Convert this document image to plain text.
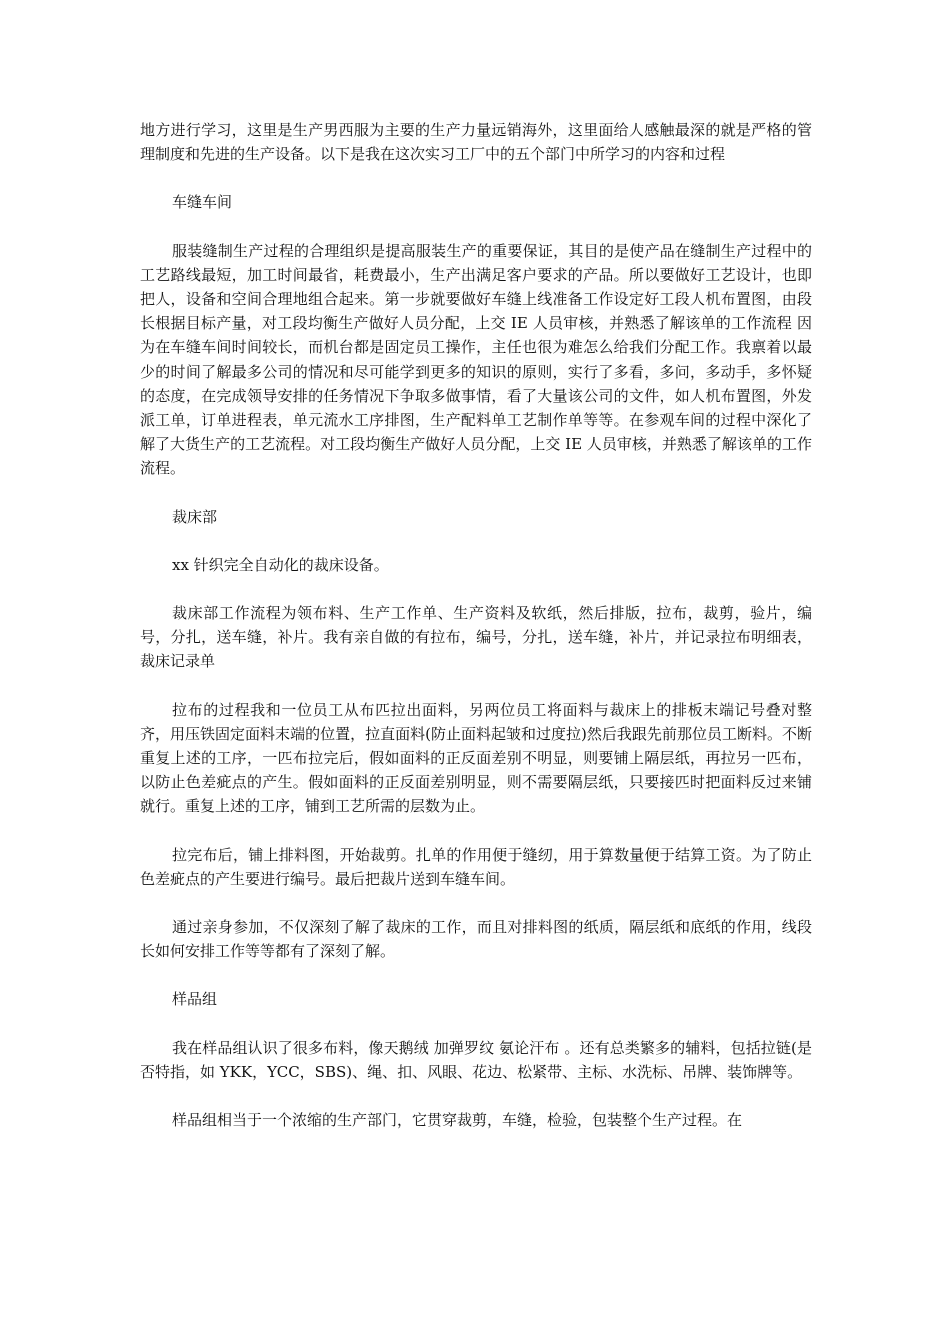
地方进行学习，这里是生产男西服为主要的生产力量远销海外，这里面给人感触最深的就是严格的管理制度和先进的生产设备。以下是我在这次实习工厂中的五个部门中所学习的内容和过程

车缝车间

服装缝制生产过程的合理组织是提高服装生产的重要保证，其目的是使产品在缝制生产过程中的工艺路线最短，加工时间最省，耗费最小，生产出满足客户要求的产品。所以要做好工艺设计，也即把人，设备和空间合理地组合起来。第一步就要做好车缝上线准备工作设定好工段人机布置图，由段长根据目标产量，对工段均衡生产做好人员分配，上交 IE 人员审核，并熟悉了解该单的工作流程 因为在车缝车间时间较长，而机台都是固定员工操作，主任也很为难怎么给我们分配工作。我禀着以最少的时间了解最多公司的情况和尽可能学到更多的知识的原则，实行了多看，多问，多动手，多怀疑的态度，在完成领导安排的任务情况下争取多做事情，看了大量该公司的文件，如人机布置图，外发派工单，订单进程表，单元流水工序排图，生产配料单工艺制作单等等。在参观车间的过程中深化了解了大货生产的工艺流程。对工段均衡生产做好人员分配，上交 IE 人员审核，并熟悉了解该单的工作流程。

裁床部

xx 针织完全自动化的裁床设备。

裁床部工作流程为领布料、生产工作单、生产资料及软纸，然后排版，拉布，裁剪，验片，编号，分扎，送车缝，补片。我有亲自做的有拉布，编号，分扎，送车缝，补片，并记录拉布明细表，裁床记录单

拉布的过程我和一位员工从布匹拉出面料，另两位员工将面料与裁床上的排板末端记号叠对整齐，用压铁固定面料末端的位置，拉直面料(防止面料起皱和过度拉)然后我跟先前那位员工断料。不断重复上述的工序，一匹布拉完后，假如面料的正反面差别不明显，则要铺上隔层纸，再拉另一匹布，以防止色差疵点的产生。假如面料的正反面差别明显，则不需要隔层纸，只要接匹时把面料反过来铺就行。重复上述的工序，铺到工艺所需的层数为止。

拉完布后，铺上排料图，开始裁剪。扎单的作用便于缝纫，用于算数量便于结算工资。为了防止色差疵点的产生要进行编号。最后把裁片送到车缝车间。

通过亲身参加，不仅深刻了解了裁床的工作，而且对排料图的纸质，隔层纸和底纸的作用，线段长如何安排工作等等都有了深刻了解。

样品组

我在样品组认识了很多布料，像天鹅绒 加弹罗纹 氨论汗布 。还有总类繁多的辅料，包括拉链(是否特指，如 YKK，YCC，SBS)、绳、扣、风眼、花边、松紧带、主标、水洗标、吊牌、装饰牌等。

样品组相当于一个浓缩的生产部门，它贯穿裁剪，车缝，检验，包装整个生产过程。在
